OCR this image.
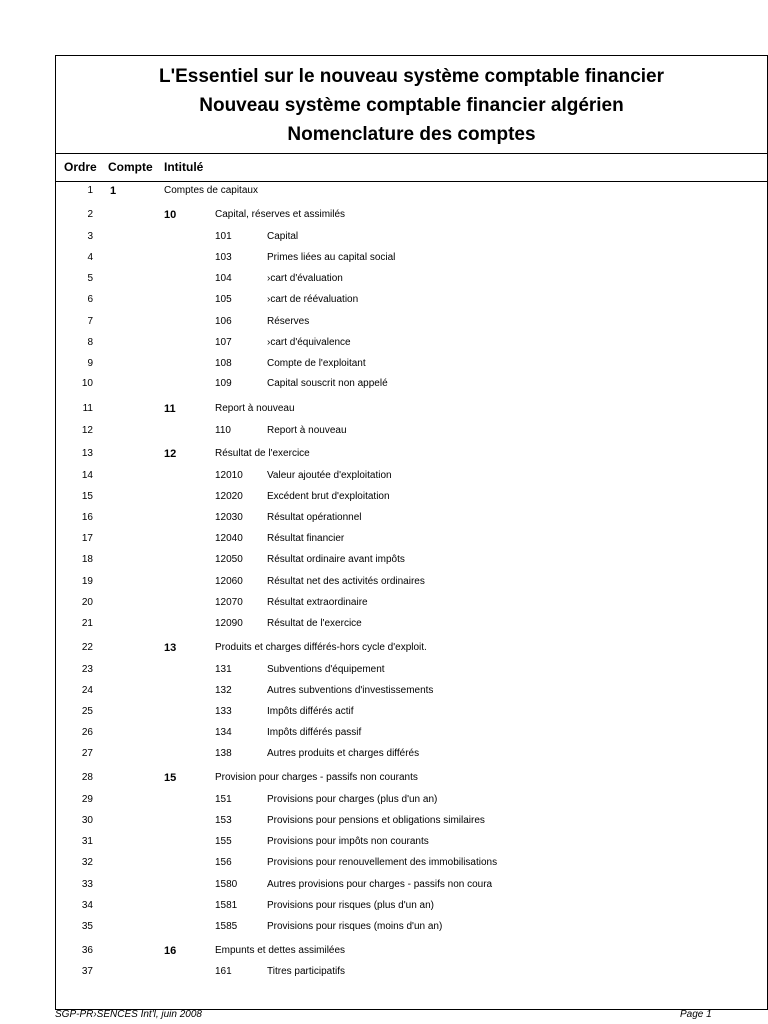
L'Essentiel sur le nouveau système comptable financier
Nouveau système comptable financier algérien
Nomenclature des comptes
Ordre Compte Intitulé
1 1	Comptes de capitaux
2	10	Capital, réserves et assimilés
3	101	Capital
4	103	Primes liées au capital social
5	104	›cart d'évaluation
6	105	›cart de réévaluation
7	106	Réserves
8	107	›cart d'équivalence
9	108	Compte de l'exploitant
10	109	Capital souscrit non appelé
11	11	Report à nouveau
12	110	Report à nouveau
13	12	Résultat de l'exercice
14	12010 Valeur ajoutée d'exploitation
15	12020 Excédent brut d'exploitation
16	12030 Résultat opérationnel
17	12040 Résultat financier
18	12050 Résultat ordinaire avant impôts
19	12060 Résultat net des activités ordinaires
20	12070 Résultat extraordinaire
21	12090 Résultat de l'exercice
22	13	Produits et charges différés-hors cycle d'exploit.
23	131	Subventions d'équipement
24	132	Autres subventions d'investissements
25	133	Impôts différés actif
26	134	Impôts différés passif
27	138	Autres produits et charges différés
28	15	Provision pour charges - passifs non courants
29	151	Provisions pour charges (plus d'un an)
30	153	Provisions pour pensions et obligations similaires
31	155	Provisions pour impôts non courants
32	156	Provisions pour renouvellement des immobilisations
33	1580	Autres provisions pour charges - passifs non coura
34	1581	Provisions pour risques (plus d'un an)
35	1585	Provisions pour risques (moins d'un an)
36	16	Empunts et dettes assimilées
37	161	Titres participatifs
SGP-PR›SENCES Int'l, juin 2008	Page 1
